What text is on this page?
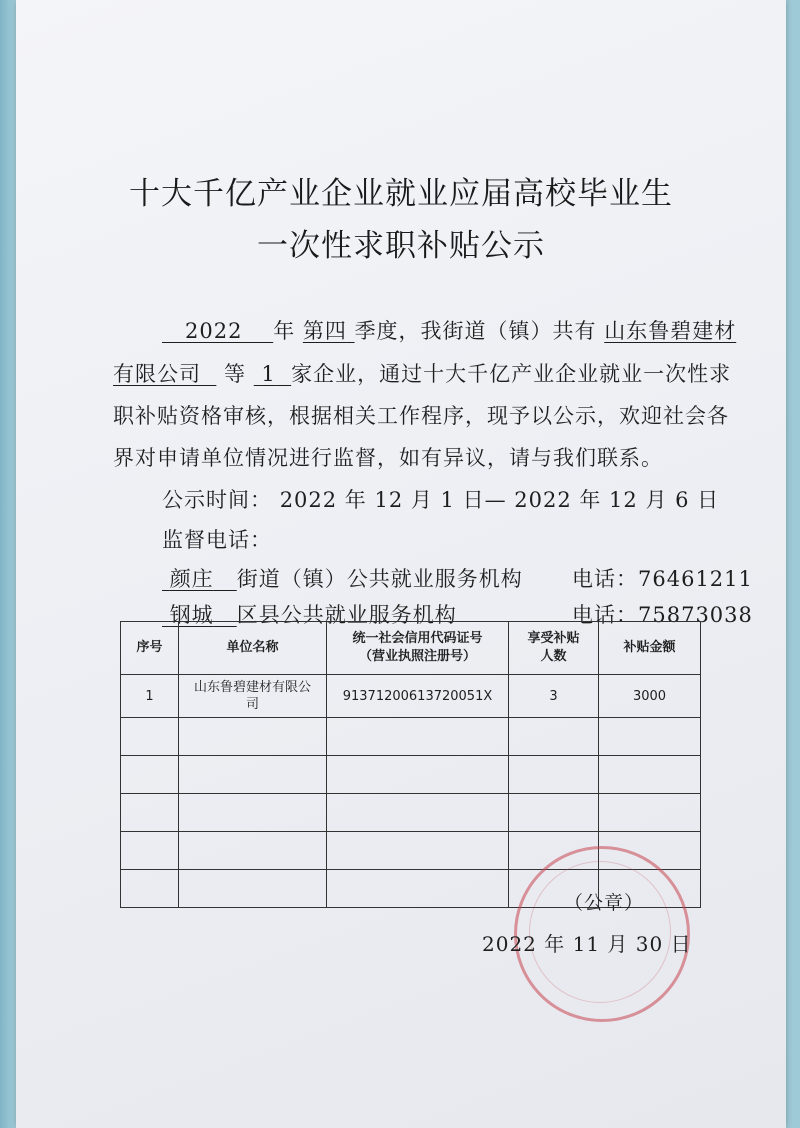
十大千亿产业企业就业应届高校毕业生
一次性求职补贴公示
2022 年 第四 季度，我街道（镇）共有 山东鲁碧建材
有限公司 等 1 家企业，通过十大千亿产业企业就业一次性求
职补贴资格审核，根据相关工作程序，现予以公示，欢迎社会各
界对申请单位情况进行监督，如有异议，请与我们联系。
公示时间： 2022 年 12 月 1 日— 2022 年 12 月 6 日
监督电话：
颜庄 街道（镇）公共就业服务机构 电话：76461211
钢城 区县公共就业服务机构	电话：75873038
序号	单位名称	统一社会信用代码证号
（营业执照注册号）	享受补贴
人数	补贴金额
1	山东鲁碧建材有限公
司	91371200613720051X	3	3000

（公章）
2022 年 11 月 30 日
